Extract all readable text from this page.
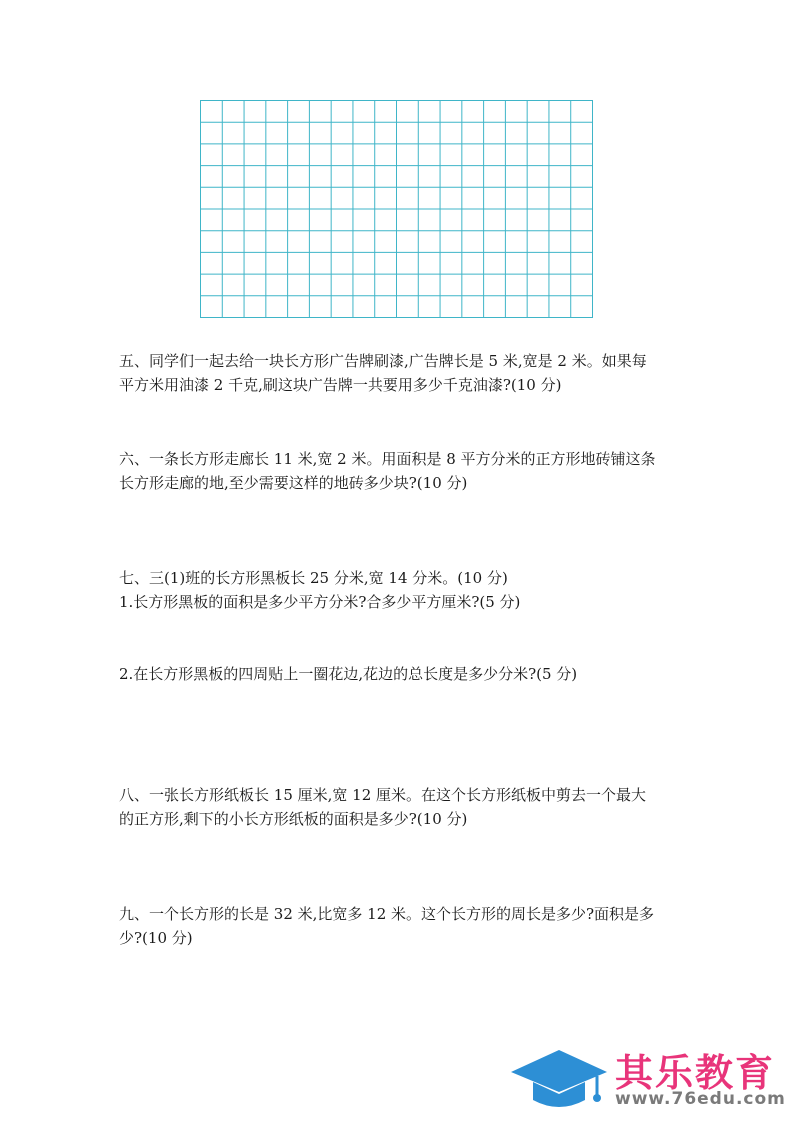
五、同学们一起去给一块长方形广告牌刷漆,广告牌长是 5 米,宽是 2 米。如果每
平方米用油漆 2 千克,刷这块广告牌一共要用多少千克油漆?(10 分)
六、一条长方形走廊长 11 米,宽 2 米。用面积是 8 平方分米的正方形地砖铺这条
长方形走廊的地,至少需要这样的地砖多少块?(10 分)
七、三(1)班的长方形黑板长 25 分米,宽 14 分米。(10 分)
1.长方形黑板的面积是多少平方分米?合多少平方厘米?(5 分)
2.在长方形黑板的四周贴上一圈花边,花边的总长度是多少分米?(5 分)
八、一张长方形纸板长 15 厘米,宽 12 厘米。在这个长方形纸板中剪去一个最大
的正方形,剩下的小长方形纸板的面积是多少?(10 分)
九、一个长方形的长是 32 米,比宽多 12 米。这个长方形的周长是多少?面积是多
少?(10 分)
其乐教育
www.76edu.com
